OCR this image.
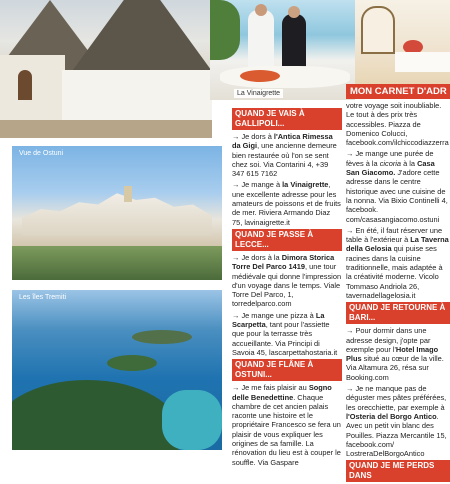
La Vinaigrette	MON CARNET D'ADR
Vue de Ostuni
Les îles Tremiti
QUAND JE VAIS À GALLIPOLI...

→ Je dors à l'Antica Rimessa da Gigi, une ancienne demeure bien restaurée où l'on se sent chez soi. Via Contarini 4, +39 347 615 7162

→ Je mange à la Vinaigrette, une excellente adresse pour les amateurs de poissons et de fruits de mer. Riviera Armando Diaz 75, lavinaigrette.it

QUAND JE PASSE À LECCE...

→ Je dors à la Dimora Storica Torre Del Parco 1419, une tour médiévale qui donne l'impression d'un voyage dans le temps. Viale Torre Del Parco, 1, torredelparco.com

→ Je mange une pizza à La Scarpetta, tant pour l'assiette que pour la terrasse très accueillante. Via Principi di Savoia 45, lascarpettahostaria.it

QUAND JE FLÂNE À OSTUNI...

→ Je me fais plaisir au Sogno delle Benedettine. Chaque chambre de cet ancien palais raconte une histoire et le propriétaire Francesco se fera un plaisir de vous expliquer les origines de sa famille. La rénovation du lieu est à couper le souffle. Via Gaspare

votre voyage soit inoubliable. Le tout à des prix très accessibles. Piazza de Domenico Colucci, facebook.com/ilchiccodiazzerra

→ Je mange une purée de fèves à la cicoria à la Casa San Giacomo. J'adore cette adresse dans le centre historique avec une cuisine de la nonna. Via Bixio Continelli 4, facebook. com/casasangiacomo.ostuni

→ En été, il faut réserver une table à l'extérieur à La Taverna della Gelosia qui puise ses racines dans la cuisine traditionnelle, mais adaptée à la créativité moderne. Vicolo Tommaso Andriola 26, tavernadellagelosia.it

QUAND JE RETOURNE À BARI...

→ Pour dormir dans une adresse design, j'opte par exemple pour l'Hotel Imago Plus situé au cœur de la ville. Via Altamura 26, résa sur Booking.com

→ Je ne manque pas de déguster mes pâtes préférées, les orecchiette, par exemple à l'Osteria del Borgo Antico. Avec un petit vin blanc des Pouilles. Piazza Mercantile 15, facebook.com/ LostreraDelBorgoAntico

QUAND JE ME PERDS DANS
